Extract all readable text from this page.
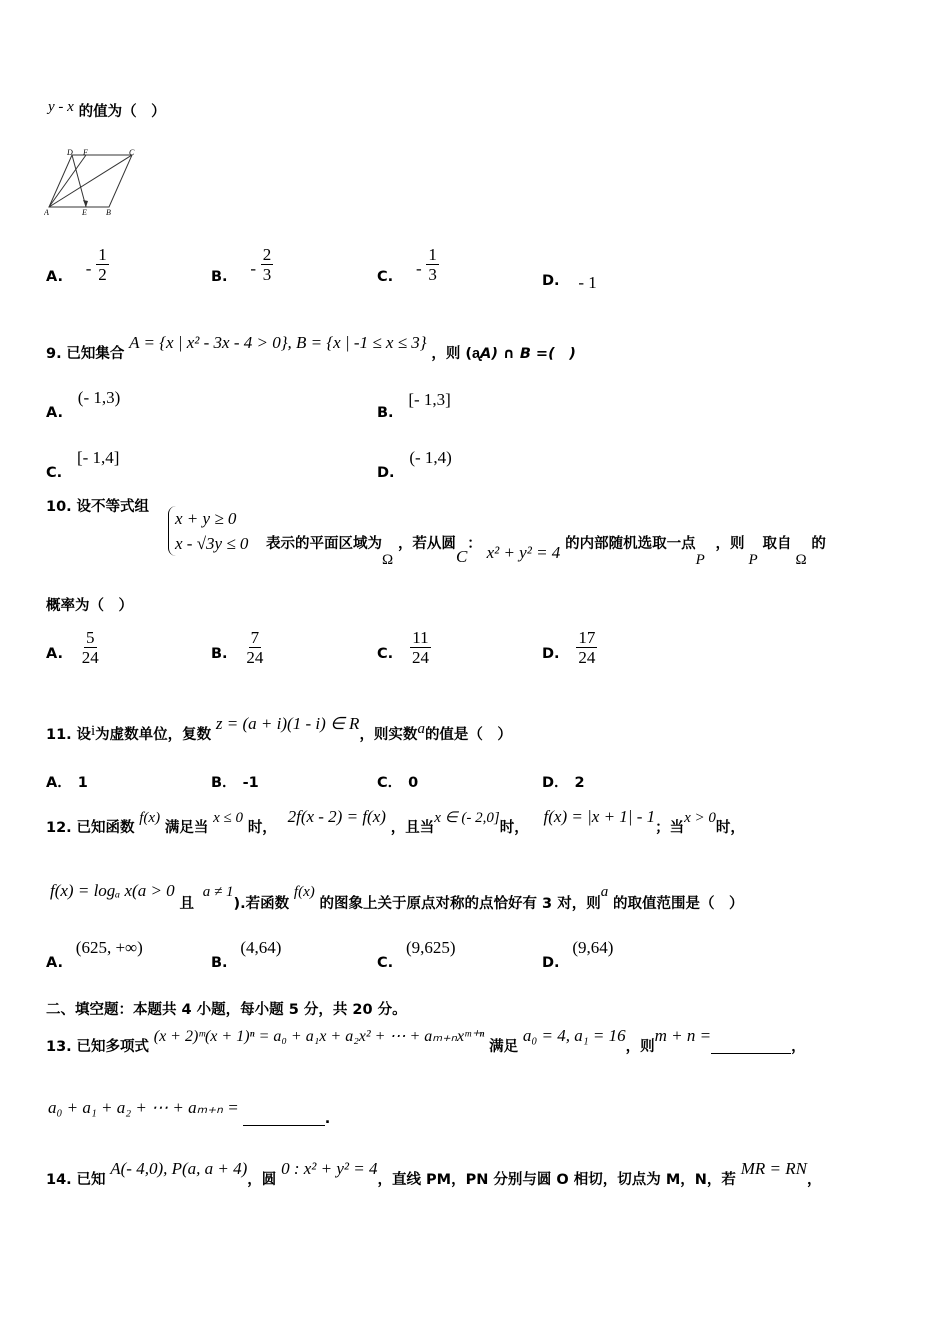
y - x 的值为（　）
D F	C
A	E B
A. - $\frac{1}{2}$	B. - $\frac{2}{3}$	C. - $\frac{1}{3}$	D. - 1
9. 已知集合 A = {x | x² - 3x - 4 > 0}, B = {x | -1 ≤ x ≤ 3} ，则 (ᶏA) ∩ B =(　)
A. (- 1,3)
B. [- 1,3]
C. [- 1,4]
D. (- 1,4)
10. 设不等式组
x + y ≥ 0
x - √3y ≤ 0 表示的平面区域为Ω ，若从圆C： x² + y² = 4 的内部随机选取一点P ，则P 取自Ω 的
概率为（　）
A. $\frac{5}{24}$	B. $\frac{7}{24}$	C. $\frac{11}{24}$	D. $\frac{17}{24}$
11. 设i为虚数单位，复数 z = (a + i)(1 - i) ∈ R，则实数a的值是（　）
A． 1	B． -1	C． 0	D． 2
12. 已知函数 f(x) 满足当 x ≤ 0 时， 2f(x - 2) = f(x) ，且当x ∈ (- 2,0]时， f(x) = |x + 1| - 1；当x > 0时，
f(x) = logₐ x(a > 0 且 a ≠ 1).若函数 f(x) 的图象上关于原点对称的点恰好有 3 对，则a 的取值范围是（　）
A. (625, +∞)
B. (4,64)
C. (9,625)
D. (9,64)
二、填空题：本题共 4 小题，每小题 5 分，共 20 分。
13. 已知多项式 (x + 2)ᵐ(x + 1)ⁿ = a₀ + a₁x + a₂x² + ⋯ + aₘ₊ₙxᵐ⁺ⁿ 满足 a₀ = 4, a₁ = 16，则m + n =，
a₀ + a₁ + a₂ + ⋯ + aₘ₊ₙ =.
14. 已知 A(- 4,0), P(a, a + 4)，圆 0 : x² + y² = 4，直线 PM，PN 分别与圆 O 相切，切点为 M，N，若 MR = RN，
